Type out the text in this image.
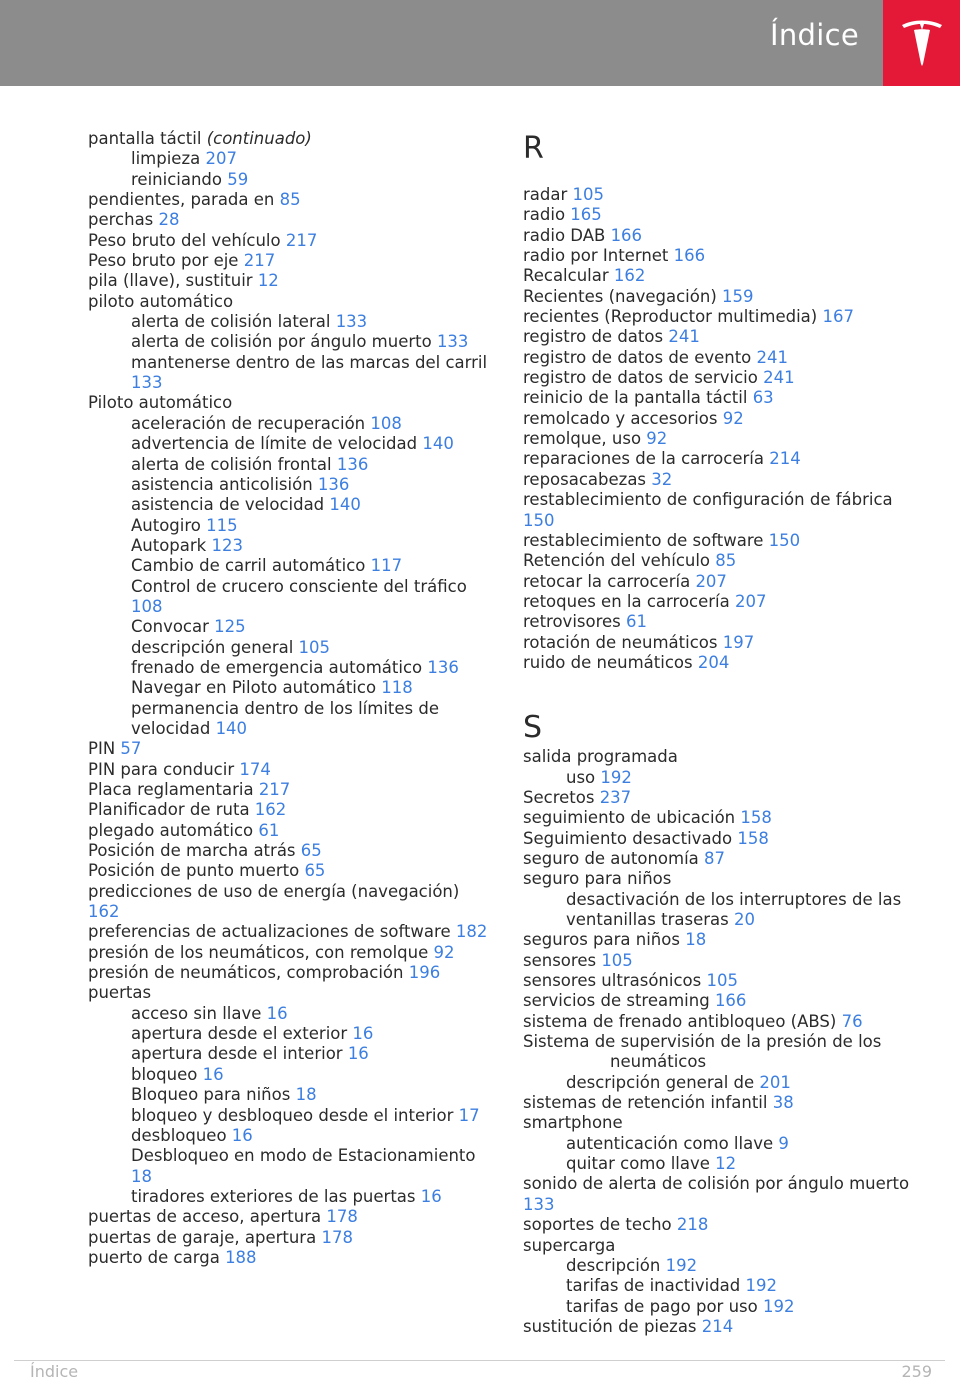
Índice
pantalla táctil (continuado)
limpieza 207
reiniciando 59
pendientes, parada en 85
perchas 28
Peso bruto del vehículo 217
Peso bruto por eje 217
pila (llave), sustituir 12
piloto automático
alerta de colisión lateral 133
alerta de colisión por ángulo muerto 133
mantenerse dentro de las marcas del carril 133
Piloto automático
aceleración de recuperación 108
advertencia de límite de velocidad 140
alerta de colisión frontal 136
asistencia anticolisión 136
asistencia de velocidad 140
Autogiro 115
Autopark 123
Cambio de carril automático 117
Control de crucero consciente del tráfico 108
Convocar 125
descripción general 105
frenado de emergencia automático 136
Navegar en Piloto automático 118
permanencia dentro de los límites de velocidad 140
PIN 57
PIN para conducir 174
Placa reglamentaria 217
Planificador de ruta 162
plegado automático 61
Posición de marcha atrás 65
Posición de punto muerto 65
predicciones de uso de energía (navegación) 162
preferencias de actualizaciones de software 182
presión de los neumáticos, con remolque 92
presión de neumáticos, comprobación 196
puertas
acceso sin llave 16
apertura desde el exterior 16
apertura desde el interior 16
bloqueo 16
Bloqueo para niños 18
bloqueo y desbloqueo desde el interior 17
desbloqueo 16
Desbloqueo en modo de Estacionamiento 18
tiradores exteriores de las puertas 16
puertas de acceso, apertura 178
puertas de garaje, apertura 178
puerto de carga 188
R
radar 105
radio 165
radio DAB 166
radio por Internet 166
Recalcular 162
Recientes (navegación) 159
recientes (Reproductor multimedia) 167
registro de datos 241
registro de datos de evento 241
registro de datos de servicio 241
reinicio de la pantalla táctil 63
remolcado y accesorios 92
remolque, uso 92
reparaciones de la carrocería 214
reposacabezas 32
restablecimiento de configuración de fábrica 150
restablecimiento de software 150
Retención del vehículo 85
retocar la carrocería 207
retoques en la carrocería 207
retrovisores 61
rotación de neumáticos 197
ruido de neumáticos 204
S
salida programada
uso 192
Secretos 237
seguimiento de ubicación 158
Seguimiento desactivado 158
seguro de autonomía 87
seguro para niños
desactivación de los interruptores de las ventanillas traseras 20
seguros para niños 18
sensores 105
sensores ultrasónicos 105
servicios de streaming 166
sistema de frenado antibloqueo (ABS) 76
Sistema de supervisión de la presión de los
neumáticos
descripción general de 201
sistemas de retención infantil 38
smartphone
autenticación como llave 9
quitar como llave 12
sonido de alerta de colisión por ángulo muerto 133
soportes de techo 218
supercarga
descripción 192
tarifas de inactividad 192
tarifas de pago por uso 192
sustitución de piezas 214
Índice	259
